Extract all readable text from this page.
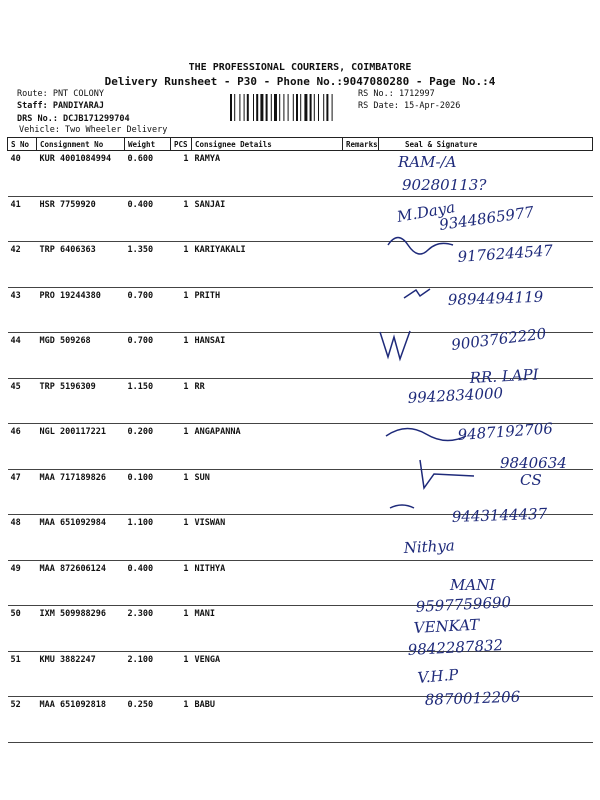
THE PROFESSIONAL COURIERS, COIMBATORE
Delivery Runsheet - P30 - Phone No.:9047080280 - Page No.:4
Route: PNT COLONY
Staff: PANDIYARAJ
DRS No.: DCJB171299704
Vehicle: Two Wheeler Delivery
RS No.: 1712997
RS Date: 15-Apr-2026
S No	Consignment No	Weight	PCS	Consignee Details	Remarks	Seal & Signature
40	KUR 4001084994	0.600	1	RAMYA		
41	HSR 7759920	0.400	1	SANJAI		
42	TRP 6406363	1.350	1	KARIYAKALI		
43	PRO 19244380	0.700	1	PRITH		
44	MGD 509268	0.700	1	HANSAI		
45	TRP 5196309	1.150	1	RR		
46	NGL 200117221	0.200	1	ANGAPANNA		
47	MAA 717189826	0.100	1	SUN		
48	MAA 651092984	1.100	1	VISWAN		
49	MAA 872606124	0.400	1	NITHYA		
50	IXM 509988296	2.300	1	MANI		
51	KMU 3882247	2.100	1	VENGA		
52	MAA 651092818	0.250	1	BABU		
RAM-/A
90280113?
M.Daya
9344865977
9176244547
9894494119
9003762220
RR. LAPI
9942834000
9487192706
9840634
CS
9443144437
Nithya
MANI
9597759690
VENKAT
9842287832
V.H.P
8870012206
